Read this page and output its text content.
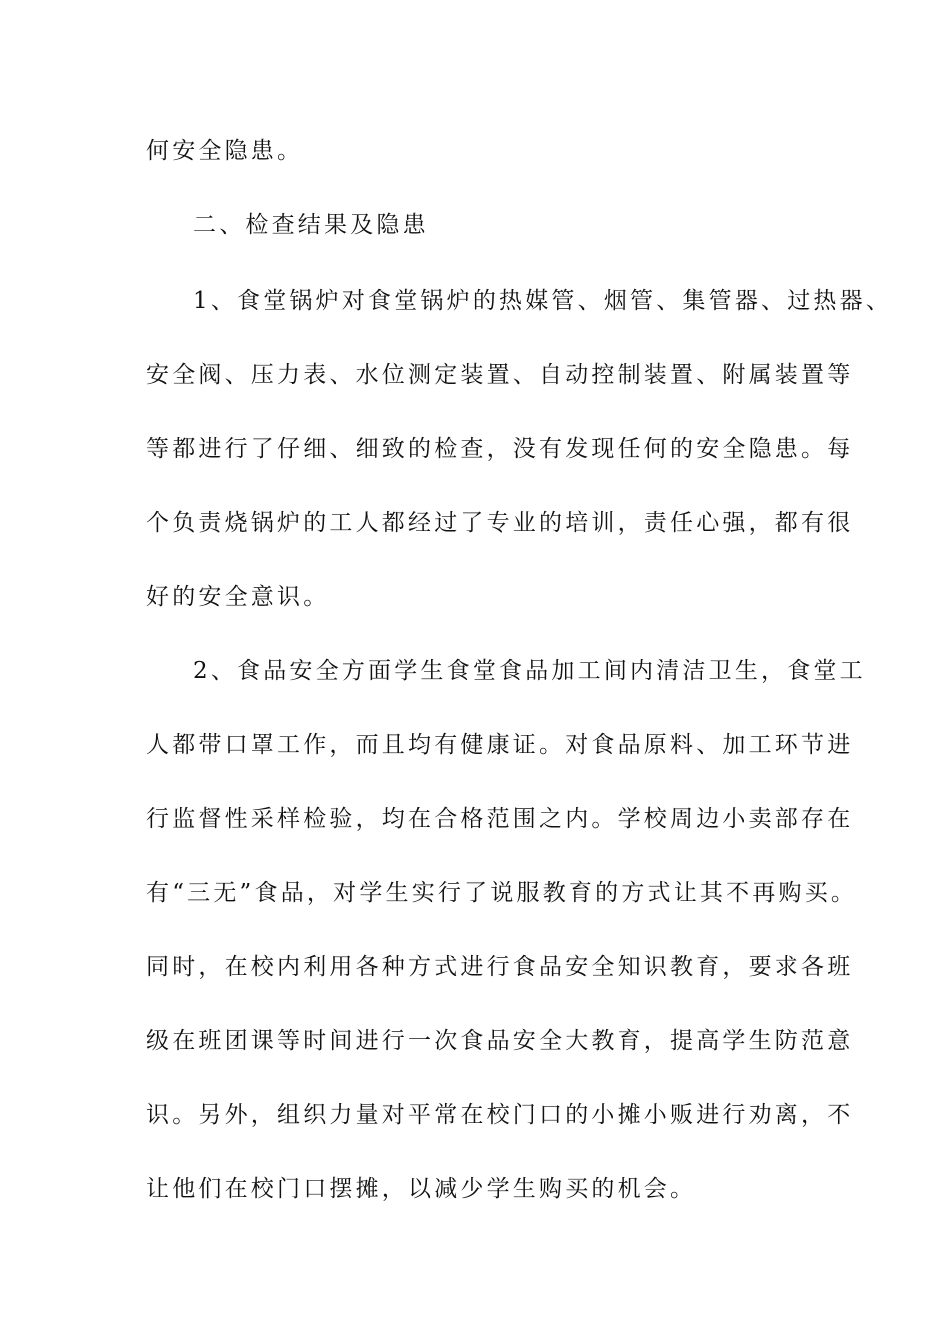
何安全隐患。
二、检查结果及隐患
1、食堂锅炉对食堂锅炉的热媒管、烟管、集管器、过热器、
安全阀、压力表、水位测定装置、自动控制装置、附属装置等
等都进行了仔细、细致的检查，没有发现任何的安全隐患。每
个负责烧锅炉的工人都经过了专业的培训，责任心强，都有很
好的安全意识。
2、食品安全方面学生食堂食品加工间内清洁卫生，食堂工
人都带口罩工作，而且均有健康证。对食品原料、加工环节进
行监督性采样检验，均在合格范围之内。学校周边小卖部存在
有“三无”食品，对学生实行了说服教育的方式让其不再购买。
同时，在校内利用各种方式进行食品安全知识教育，要求各班
级在班团课等时间进行一次食品安全大教育，提高学生防范意
识。另外，组织力量对平常在校门口的小摊小贩进行劝离，不
让他们在校门口摆摊，以减少学生购买的机会。
